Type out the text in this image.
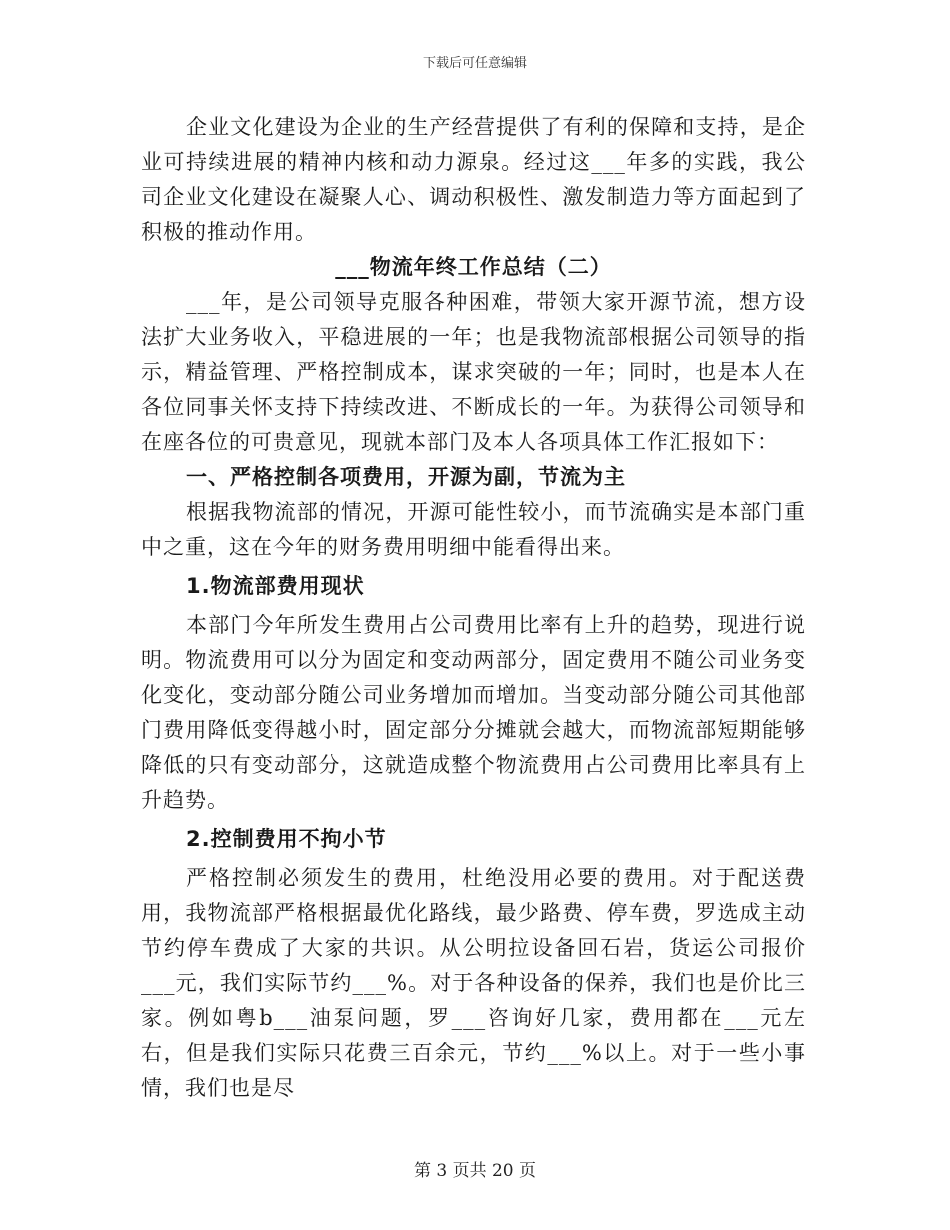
下载后可任意编辑

企业文化建设为企业的生产经营提供了有利的保障和支持，是企业可持续进展的精神内核和动力源泉。经过这___年多的实践，我公司企业文化建设在凝聚人心、调动积极性、激发制造力等方面起到了积极的推动作用。

___物流年终工作总结（二）

___年，是公司领导克服各种困难，带领大家开源节流，想方设法扩大业务收入，平稳进展的一年；也是我物流部根据公司领导的指示，精益管理、严格控制成本，谋求突破的一年；同时，也是本人在各位同事关怀支持下持续改进、不断成长的一年。为获得公司领导和在座各位的可贵意见，现就本部门及本人各项具体工作汇报如下：

一、严格控制各项费用，开源为副，节流为主

根据我物流部的情况，开源可能性较小，而节流确实是本部门重中之重，这在今年的财务费用明细中能看得出来。

1.物流部费用现状

本部门今年所发生费用占公司费用比率有上升的趋势，现进行说明。物流费用可以分为固定和变动两部分，固定费用不随公司业务变化变化，变动部分随公司业务增加而增加。当变动部分随公司其他部门费用降低变得越小时，固定部分分摊就会越大，而物流部短期能够降低的只有变动部分，这就造成整个物流费用占公司费用比率具有上升趋势。

2.控制费用不拘小节

严格控制必须发生的费用，杜绝没用必要的费用。对于配送费用，我物流部严格根据最优化路线，最少路费、停车费，罗选成主动节约停车费成了大家的共识。从公明拉设备回石岩，货运公司报价___元，我们实际节约___%。对于各种设备的保养，我们也是价比三家。例如粤b___油泵问题，罗___咨询好几家，费用都在___元左右，但是我们实际只花费三百余元，节约___%以上。对于一些小事情，我们也是尽

第 3 页共 20 页
